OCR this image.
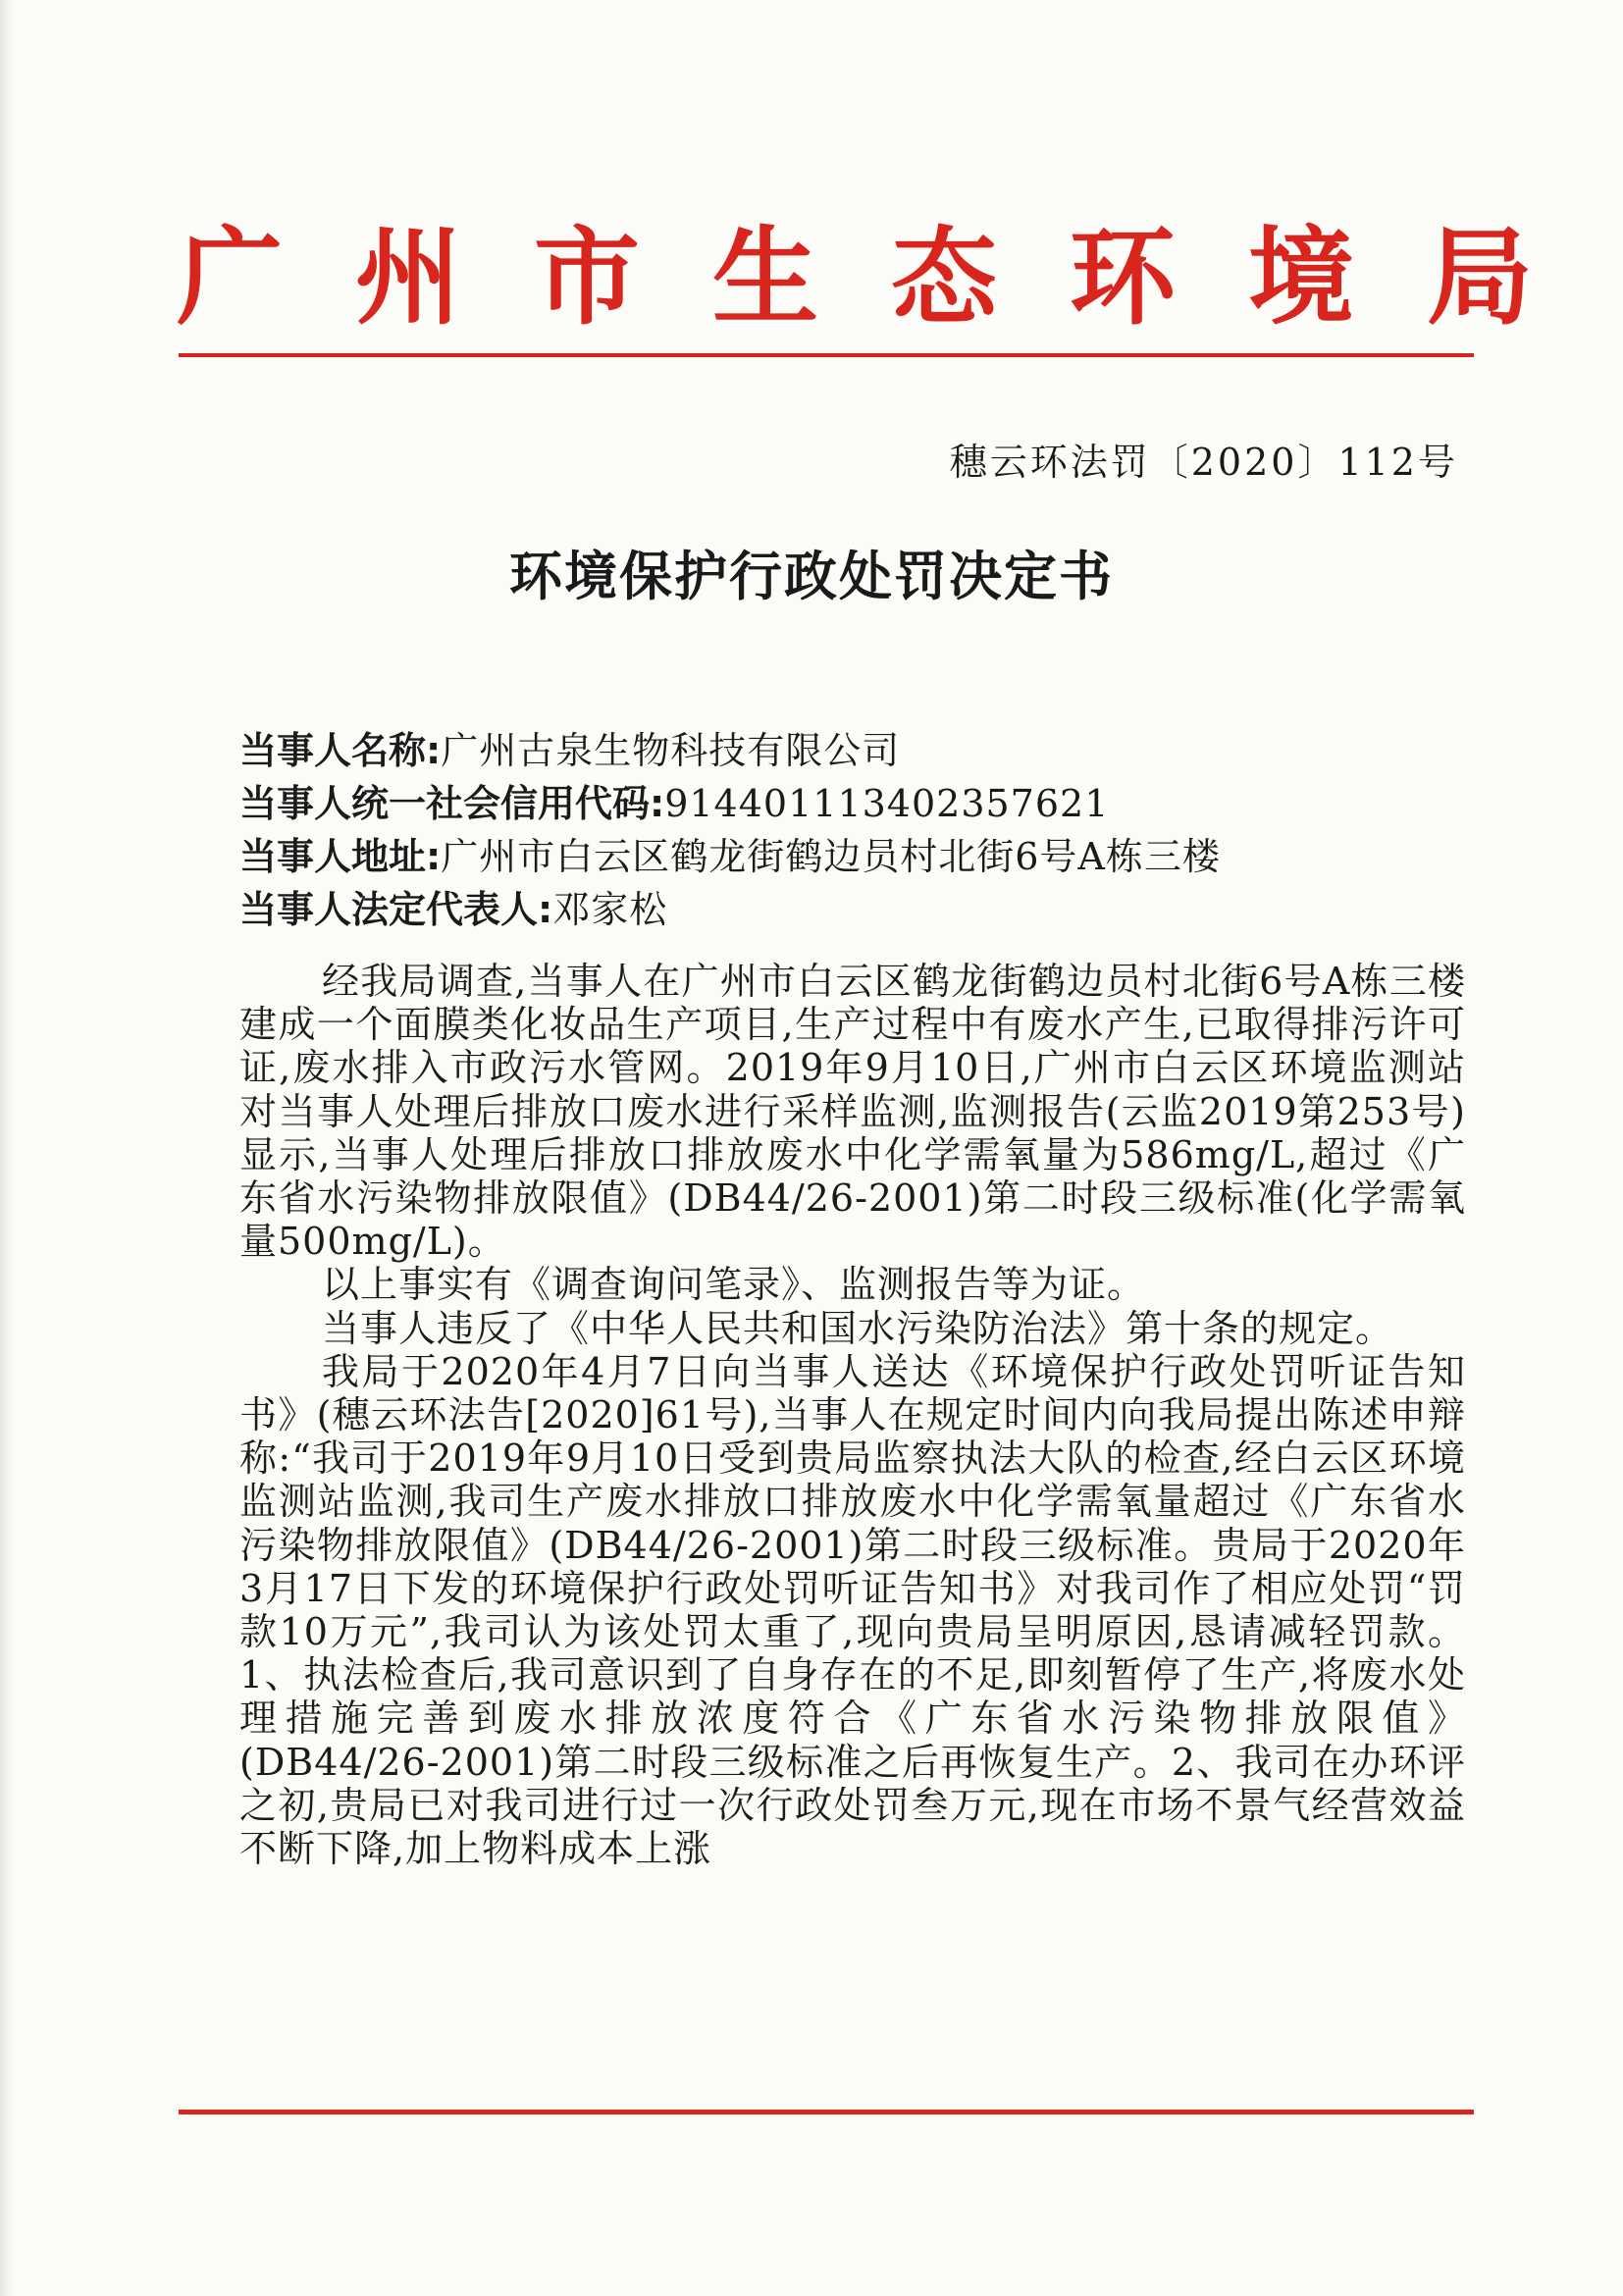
广州市生态环境局
穗云环法罚〔2020〕112号
环境保护行政处罚决定书
当事人名称:广州古泉生物科技有限公司
当事人统一社会信用代码:91440111340235762​1
当事人地址:广州市白云区鹤龙街鹤边员村北街6号A栋三楼
当事人法定代表人:邓家松

经我局调查,当事人在广州市白云区鹤龙街鹤边员村北街6号A栋三楼建成一个面膜类化妆品生产项目,生产过程中有废水产生,已取得排污许可证,废水排入市政污水管网。2019年9月10日,广州市白云区环境监测站对当事人处理后排放口废水进行采样监测,监测报告(云监2019第253号)显示,当事人处理后排放口排放废水中化学需氧量为586mg/L,超过《广东省水污染物排放限值》(DB44/26-2001)第二时段三级标准(化学需氧量500mg/L)。

以上事实有《调查询问笔录》、监测报告等为证。

当事人违反了《中华人民共和国水污染防治法》第十条的规定。

我局于2020年4月7日向当事人送达《环境保护行政处罚听证告知书》(穗云环法告[2020]61号),当事人在规定时间内向我局提出陈述申辩称:“我司于2019年9月10日受到贵局监察执法大队的检查,经白云区环境监测站监测,我司生产废水排放口排放废水中化学需氧量超过《广东省水污染物排放限值》(DB44/26-2001)第二时段三级标准。贵局于2020年3月17日下发的环境保护行政处罚听证告知书》对我司作了相应处罚“罚款10万元”,我司认为该处罚太重了,现向贵局呈明原因,恳请减轻罚款。1、执法检查后,我司意识到了自身存在的不足,即刻暂停了生产,将废水处理措施完善到废水排放浓度符合《广东省水污染物排放限值》(DB44/26-2001)第二时段三级标准之后再恢复生产。2、我司在办环评之初,贵局已对我司进行过一次行政处罚叁万元,现在市场不景气经营效益不断下降,加上物料成本上涨
